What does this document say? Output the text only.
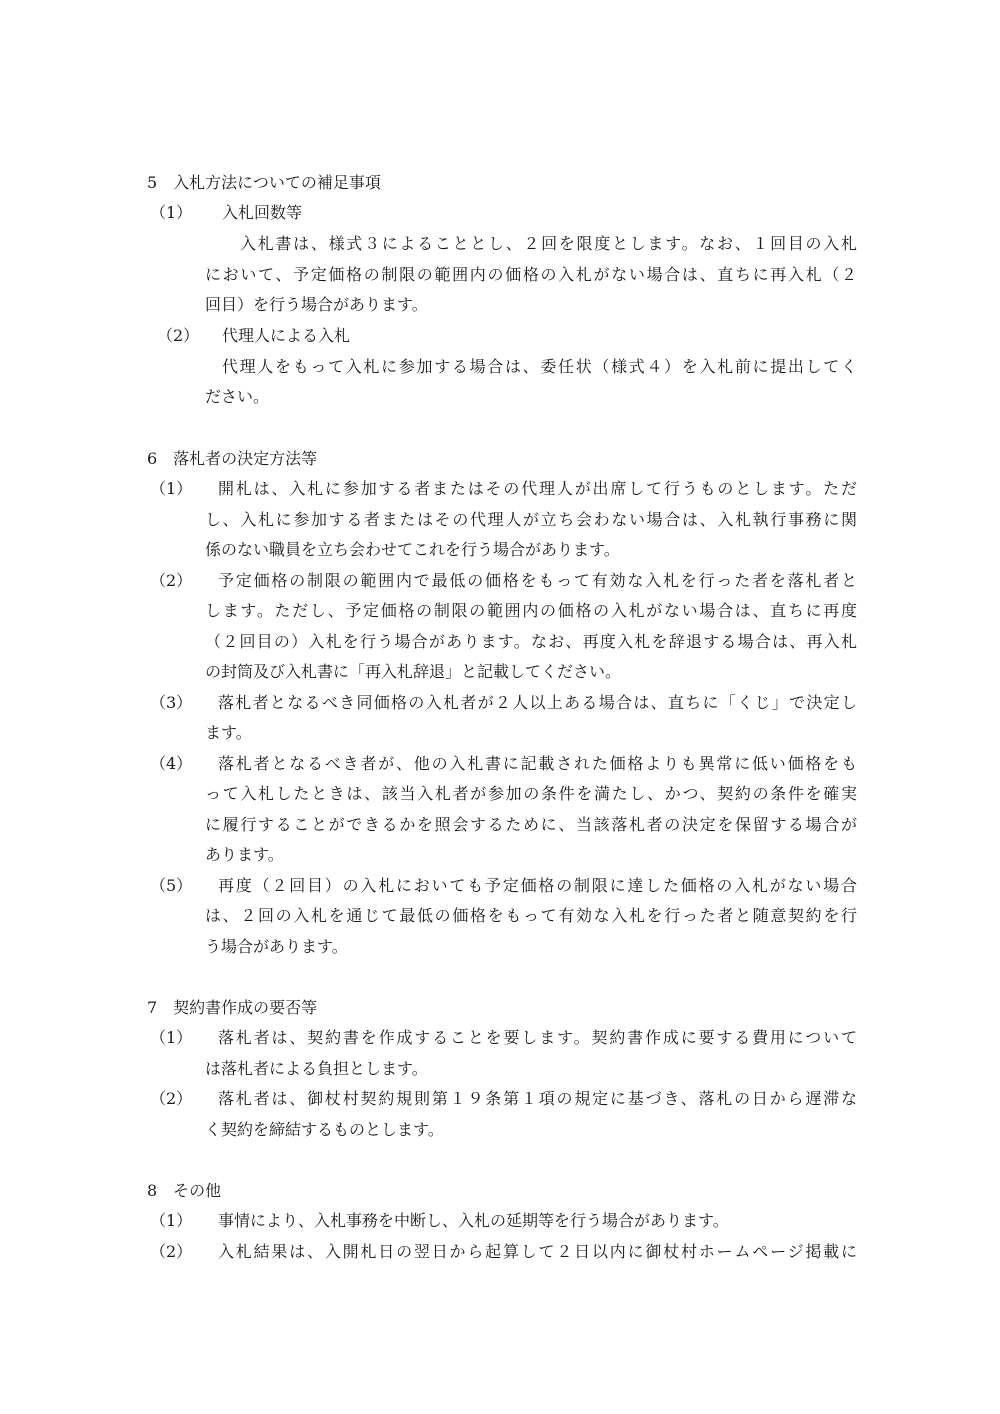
5　入札方法についての補足事項
（1） 入札回数等
入札書は、様式３によることとし、２回を限度とします。なお、１回目の入札
において、予定価格の制限の範囲内の価格の入札がない場合は、直ちに再入札（２
回目）を行う場合があります。
（2） 代理人による入札
代理人をもって入札に参加する場合は、委任状（様式４）を入札前に提出してく
ださい。
6　落札者の決定方法等
（1） 開札は、入札に参加する者またはその代理人が出席して行うものとします。ただ
し、入札に参加する者またはその代理人が立ち会わない場合は、入札執行事務に関
係のない職員を立ち会わせてこれを行う場合があります。
（2） 予定価格の制限の範囲内で最低の価格をもって有効な入札を行った者を落札者と
します。ただし、予定価格の制限の範囲内の価格の入札がない場合は、直ちに再度
（２回目の）入札を行う場合があります。なお、再度入札を辞退する場合は、再入札
の封筒及び入札書に「再入札辞退」と記載してください。
（3） 落札者となるべき同価格の入札者が２人以上ある場合は、直ちに「くじ」で決定し
ます。
（4） 落札者となるべき者が、他の入札書に記載された価格よりも異常に低い価格をも
って入札したときは、該当入札者が参加の条件を満たし、かつ、契約の条件を確実
に履行することができるかを照会するために、当該落札者の決定を保留する場合が
あります。
（5） 再度（２回目）の入札においても予定価格の制限に達した価格の入札がない場合
は、２回の入札を通じて最低の価格をもって有効な入札を行った者と随意契約を行
う場合があります。
7　契約書作成の要否等
（1） 落札者は、契約書を作成することを要します。契約書作成に要する費用について
は落札者による負担とします。
（2） 落札者は、御杖村契約規則第１９条第１項の規定に基づき、落札の日から遅滞な
く契約を締結するものとします。
8　その他
（1） 事情により、入札事務を中断し、入札の延期等を行う場合があります。
（2） 入札結果は、入開札日の翌日から起算して２日以内に御杖村ホームページ掲載に
